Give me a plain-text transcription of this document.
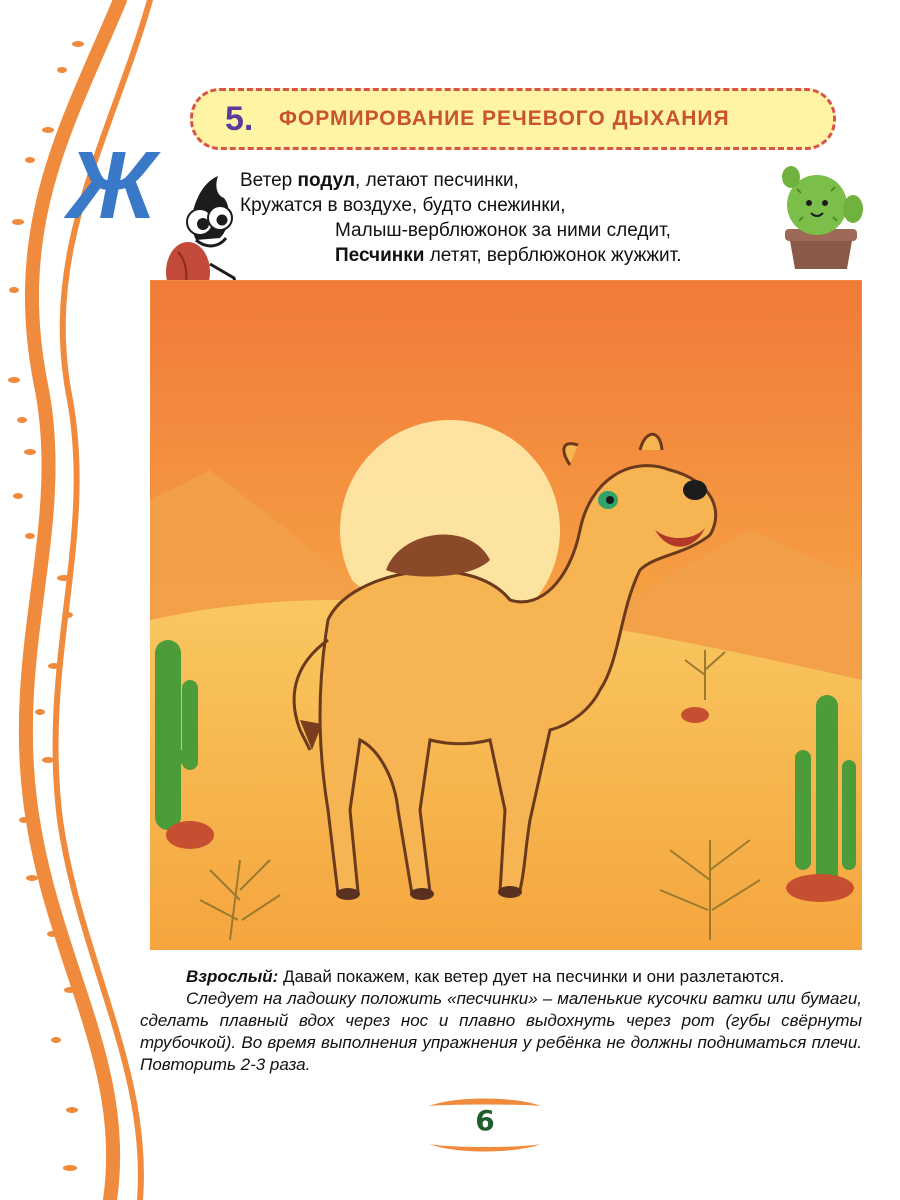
5.	ФОРМИРОВАНИЕ РЕЧЕВОГО ДЫХАНИЯ
Ж	Ветер подул, летают песчинки,
Кружатся в воздухе, будто снежинки,
Малыш-верблюжонок за ними следит,
Песчинки летят, верблюжонок жужжит.

Взрослый: Давай покажем, как ветер дует на песчинки и они разлетаются.

Следует на ладошку положить «песчинки» – маленькие кусочки ватки или бумаги, сделать плавный вдох через нос и плавно выдохнуть через рот (губы свёрнуты трубочкой). Во время выполнения упражнения у ребёнка не должны подниматься плечи. Повторить 2-3 раза.

6
